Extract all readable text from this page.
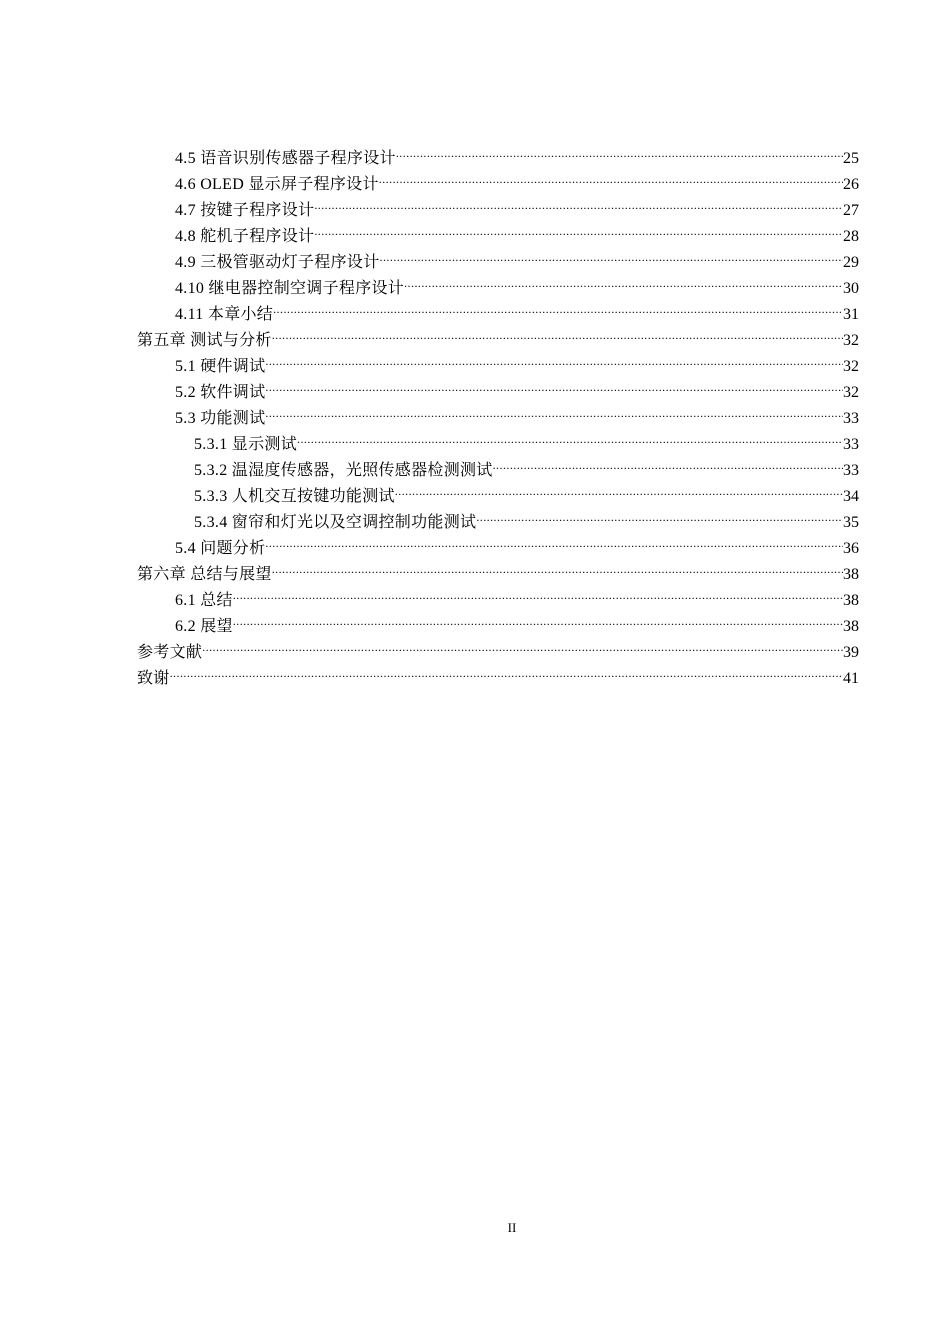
4.5 语音识别传感器子程序设计 .....	25
4.6 OLED 显示屏子程序设计 .....	26
4.7 按键子程序设计 .....	27
4.8 舵机子程序设计 .....	28
4.9 三极管驱动灯子程序设计 .....	29
4.10 继电器控制空调子程序设计 .....	30
4.11 本章小结 .....	31
第五章 测试与分析 .....	32
5.1 硬件调试 .....	32
5.2 软件调试 .....	32
5.3 功能测试 .....	33
5.3.1 显示测试 .....	33
5.3.2 温湿度传感器，光照传感器检测测试 .....	33
5.3.3 人机交互按键功能测试 .....	34
5.3.4 窗帘和灯光以及空调控制功能测试 .....	35
5.4 问题分析 .....	36
第六章 总结与展望 .....	38
6.1 总结 .....	38
6.2 展望 .....	38
参考文献 .....	39
致谢 .....	41
II
